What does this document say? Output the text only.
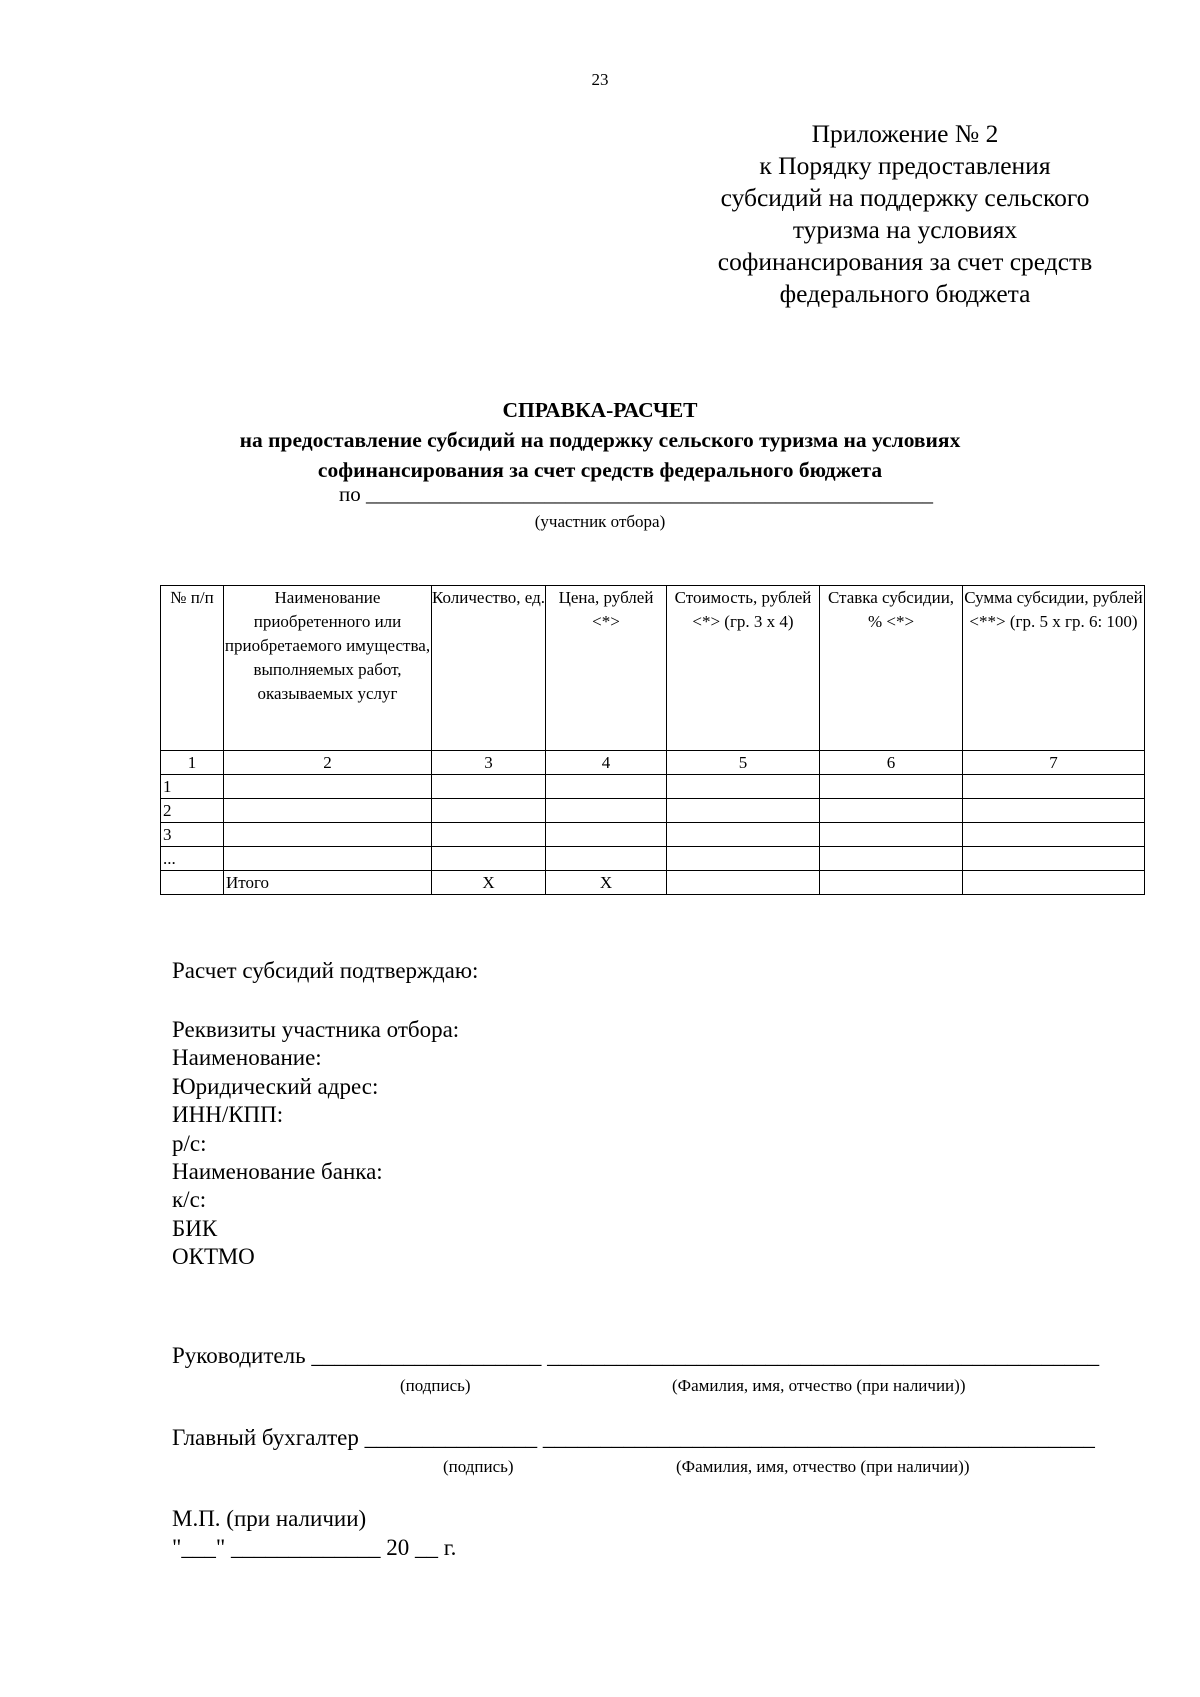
23
Приложение № 2
к Порядку предоставления
субсидий на поддержку сельского
туризма на условиях
софинансирования за счет средств
федерального бюджета
СПРАВКА-РАСЧЕТ
на предоставление субсидий на поддержку сельского туризма на условиях
софинансирования за счет средств федерального бюджета
по ______________________________________________________
(участник отбора)
№ п/п	Наименование приобретенного или приобретаемого имущества, выполняемых работ, оказываемых услуг	Количество, ед.	Цена, рублей <*>	Стоимость, рублей <*> (гр. 3 x 4)	Ставка субсидии, % <*>	Сумма субсидии, рублей <**> (гр. 5 x гр. 6: 100)
1	2	3	4	5	6	7
1						
2						
3						
...						
	Итого	X	X			
Расчет субсидий подтверждаю:
Реквизиты участника отбора:
Наименование:
Юридический адрес:
ИНН/КПП:
р/с:
Наименование банка:
к/с:
БИК
ОКТМО
Руководитель ____________________ ________________________________________________
(подпись)	(Фамилия, имя, отчество (при наличии))
Главный бухгалтер _______________ ________________________________________________
(подпись)	(Фамилия, имя, отчество (при наличии))
М.П. (при наличии)
"___" _____________ 20 __ г.
